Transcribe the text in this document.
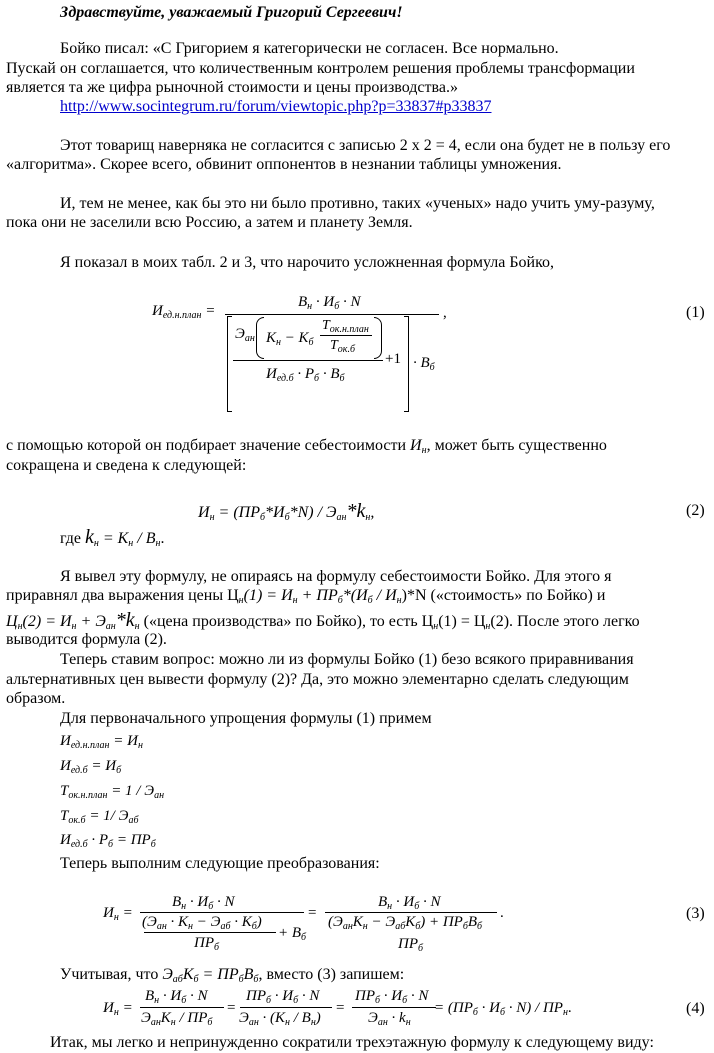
Здравствуйте, уважаемый Григорий Сергеевич!
Бойко писал: «С Григорием я категорически не согласен. Все нормально.
Пускай он соглашается, что количественным контролем решения проблемы трансформации
является та же цифра рыночной стоимости и цены производства.»
http://www.socintegrum.ru/forum/viewtopic.php?p=33837#p33837
Этот товарищ наверняка не согласится с записью 2 х 2 = 4, если она будет не в пользу его
«алгоритма». Скорее всего, обвинит оппонентов в незнании таблицы умножения.
И, тем не менее, как бы это ни было противно, таких «ученых» надо учить уму-разуму,
пока они не заселили всю Россию, а затем и планету Земля.
Я показал в моих табл. 2 и 3, что нарочито усложненная формула Бойко,
$И_{ед.н.план}$ =
$В_н \cdot И_б \cdot N$
$Э_{ан}$ $К_н - К_б$
$Т_{ок.н.план}$
$Т_{ок.б}$
$И_{ед.б} \cdot Р_б \cdot В_б$
$+1 \cdot В_б$
,	(1)
с помощью которой он подбирает значение себестоимости $И_н$, может быть существенно
сокращена и сведена к следующей:
$И_н = (ПР_б*И_б*N) / Э_{ан}*k_н$,	(2)
где $k_н = К_н / В_н$.
Я вывел эту формулу, не опираясь на формулу себестоимости Бойко. Для этого я
приравнял два выражения цены $Ц_н(1) = И_н + ПР_б*(И_б / И_н)*N$ («стоимость» по Бойко) и
$Ц_н(2) = И_н + Э_{ан}*k_н$ («цена производства» по Бойко), то есть $Ц_н(1) = Ц_н(2)$. После этого легко
выводится формула (2).
Теперь ставим вопрос: можно ли из формулы Бойко (1) безо всякого приравнивания
альтернативных цен вывести формулу (2)? Да, это можно элементарно сделать следующим
образом.
Для первоначального упрощения формулы (1) примем
$И_{ед.н.план} = И_н$
$И_{ед.б} = И_б$
$Т_{ок.н.план} = 1 / Э_{ан}$
$Т_{ок.б} = 1/$ $Э_{аб}$
$И_{ед.б} \cdot Р_б = ПР_б$
Теперь выполним следующие преобразования:
$И_н$ =
$В_н \cdot И_б \cdot N$
$(Э_{ан} \cdot К_н - Э_{аб} \cdot К_б)$
$ПР_б$
+ $В_б$
=
$В_н \cdot И_б \cdot N$
$(Э_{ан}К_н - Э_{аб}К_б) + ПР_бВ_б$
$ПР_б$
.	(3)
Учитывая, что $Э_{аб}К_б = ПР_бВ_б$, вместо (3) запишем:
$И_н$ =
$В_н \cdot И_б \cdot N$
$Э_{ан}К_н / ПР_б$
=
$ПР_б \cdot И_б \cdot N$
$Э_{ан} \cdot (К_н / В_н)$
=
$ПР_б \cdot И_б \cdot N$
$Э_{ан} \cdot k_н$
= $(ПР_б \cdot И_б \cdot N) / ПР_н$.	(4)
Итак, мы легко и непринужденно сократили трехэтажную формулу к следующему виду:
